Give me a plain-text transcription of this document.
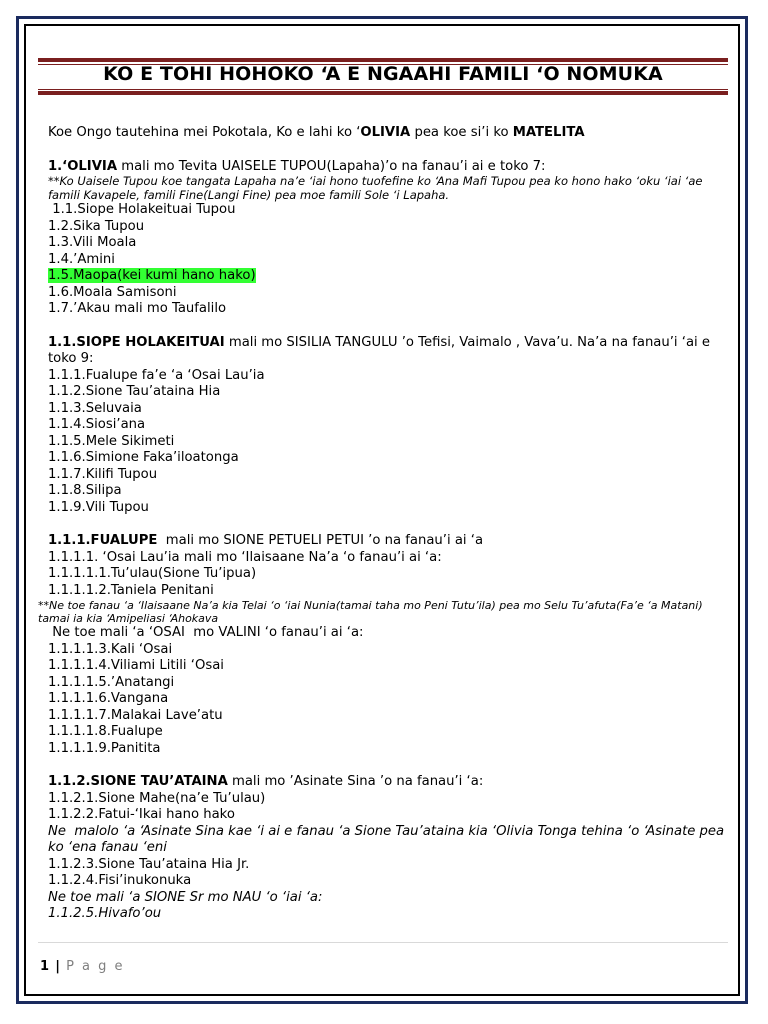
KO E TOHI HOHOKO ‘A E NGAAHI FAMILI ‘O NOMUKA

Koe Ongo tautehina mei Pokotala, Ko e lahi ko ‘OLIVIA pea koe si’i ko MATELITA

1.‘OLIVIA mali mo Tevita UAISELE TUPOU(Lapaha)’o na fanau’i ai e toko 7:

**Ko Uaisele Tupou koe tangata Lapaha na’e ‘iai hono tuofefine ko ‘Ana Mafi Tupou pea ko hono hako ‘oku ‘iai ‘ae famili Kavapele, famili Fine(Langi Fine) pea moe famili Sole ‘i Lapaha.

1.1.Siope Holakeituai Tupou

1.2.Sika Tupou

1.3.Vili Moala

1.4.’Amini

1.5.Maopa(kei kumi hano hako)

1.6.Moala Samisoni

1.7.’Akau mali mo Taufalilo

1.1.SIOPE HOLAKEITUAI mali mo SISILIA TANGULU ’o Tefisi, Vaimalo , Vava’u. Na’a na fanau’i ‘ai e toko 9:

1.1.1.Fualupe fa’e ‘a ‘Osai Lau’ia

1.1.2.Sione Tau’ataina Hia

1.1.3.Seluvaia

1.1.4.Siosi’ana

1.1.5.Mele Sikimeti

1.1.6.Simione Faka’iloatonga

1.1.7.Kilifi Tupou

1.1.8.Silipa

1.1.9.Vili Tupou

1.1.1.FUALUPE  mali mo SIONE PETUELI PETUI ’o na fanau’i ai ‘a

1.1.1.1. ‘Osai Lau’ia mali mo ‘Ilaisaane Na’a ‘o fanau’i ai ‘a:

1.1.1.1.1.Tu’ulau(Sione Tu’ipua)

1.1.1.1.2.Taniela Penitani

**Ne toe fanau ‘a ‘Ilaisaane Na’a kia Telai ‘o ‘iai Nunia(tamai taha mo Peni Tutu’ila) pea mo Selu Tu’afuta(Fa’e ‘a Matani) tamai ia kia ‘Amipeliasi ‘Ahokava

Ne toe mali ‘a ‘OSAI  mo VALINI ‘o fanau’i ai ‘a:

1.1.1.1.3.Kali ‘Osai

1.1.1.1.4.Viliami Litili ‘Osai

1.1.1.1.5.’Anatangi

1.1.1.1.6.Vangana

1.1.1.1.7.Malakai Lave’atu

1.1.1.1.8.Fualupe

1.1.1.1.9.Panitita

1.1.2.SIONE TAU’ATAINA mali mo ’Asinate Sina ’o na fanau’i ‘a:

1.1.2.1.Sione Mahe(na’e Tu’ulau)

1.1.2.2.Fatui-‘Ikai hano hako

Ne  malolo ‘a ‘Asinate Sina kae ‘i ai e fanau ‘a Sione Tau’ataina kia ‘Olivia Tonga tehina ‘o ‘Asinate pea ko ‘ena fanau ‘eni

1.1.2.3.Sione Tau’ataina Hia Jr.

1.1.2.4.Fisi’inukonuka

Ne toe mali ‘a SIONE Sr mo NAU ‘o ‘iai ‘a:

1.1.2.5.Hivafo’ou

1 | P a g e
